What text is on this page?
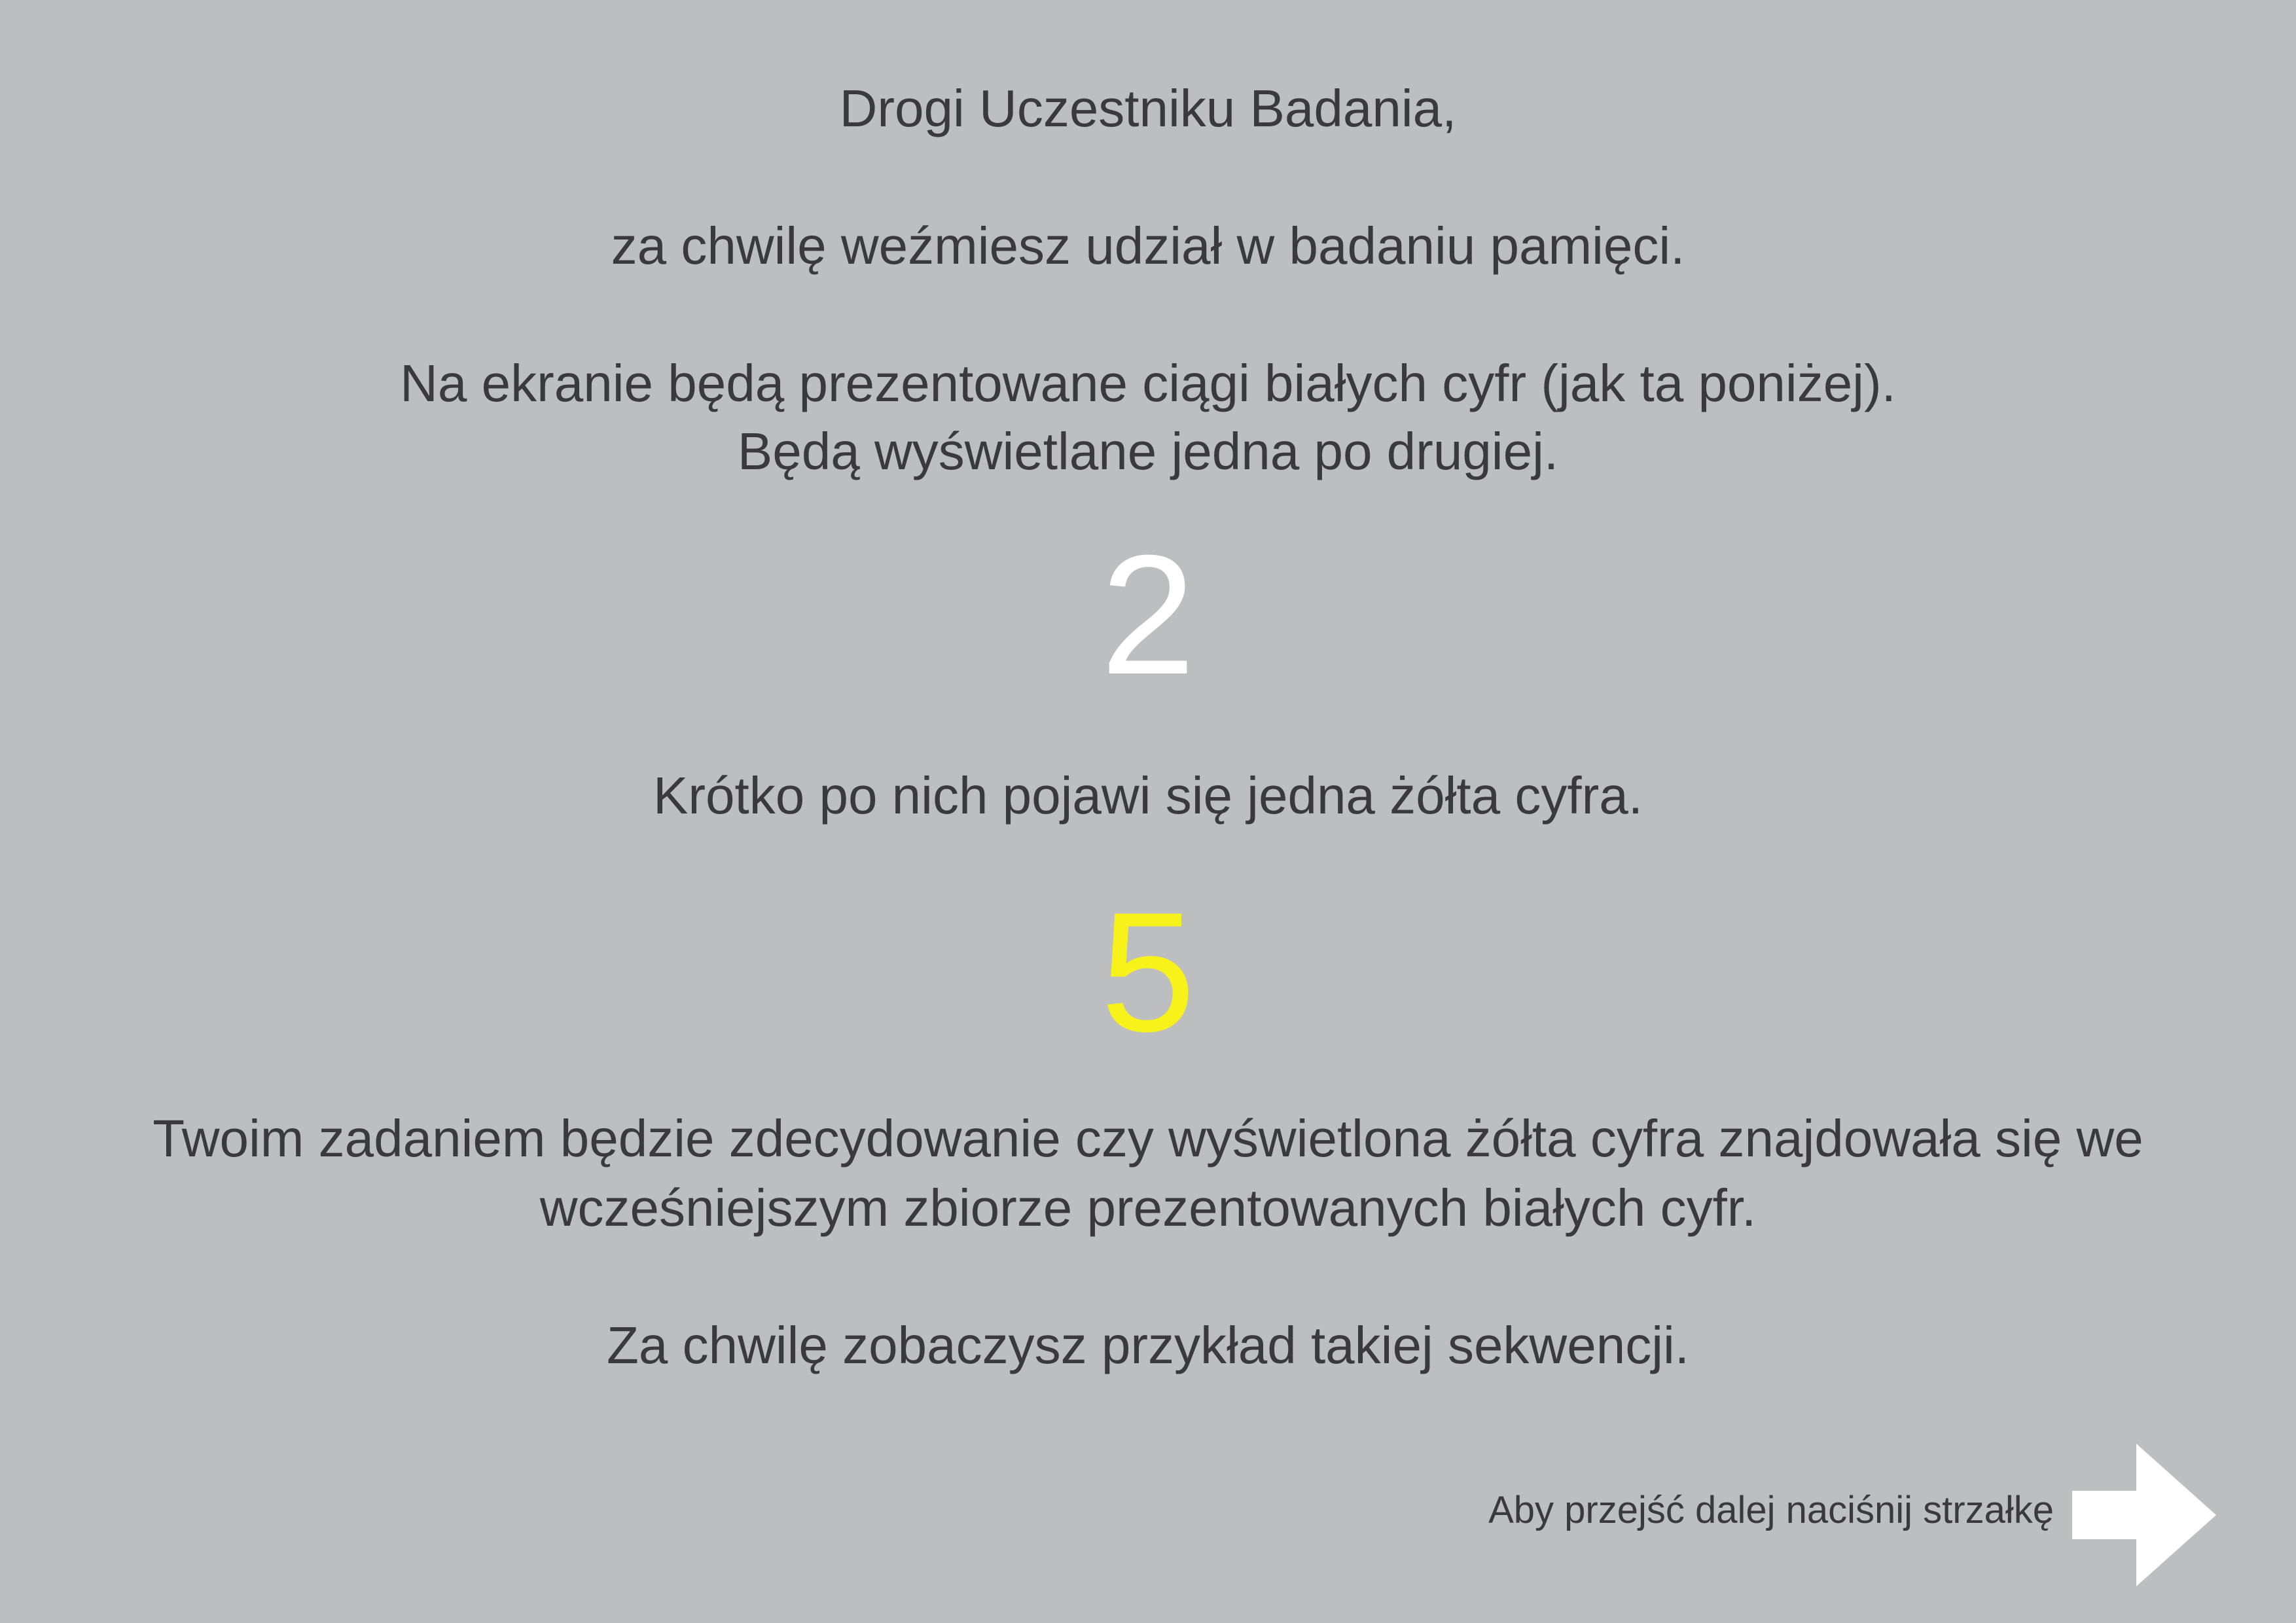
Drogi Uczestniku Badania,
za chwilę weźmiesz udział w badaniu pamięci.
Na ekranie będą prezentowane ciągi białych cyfr (jak ta poniżej).
Będą wyświetlane jedna po drugiej.
2
Krótko po nich pojawi się jedna żółta cyfra.
5
Twoim zadaniem będzie zdecydowanie czy wyświetlona żółta cyfra znajdowała się we
wcześniejszym zbiorze prezentowanych białych cyfr.
Za chwilę zobaczysz przykład takiej sekwencji.
Aby przejść dalej naciśnij strzałkę
